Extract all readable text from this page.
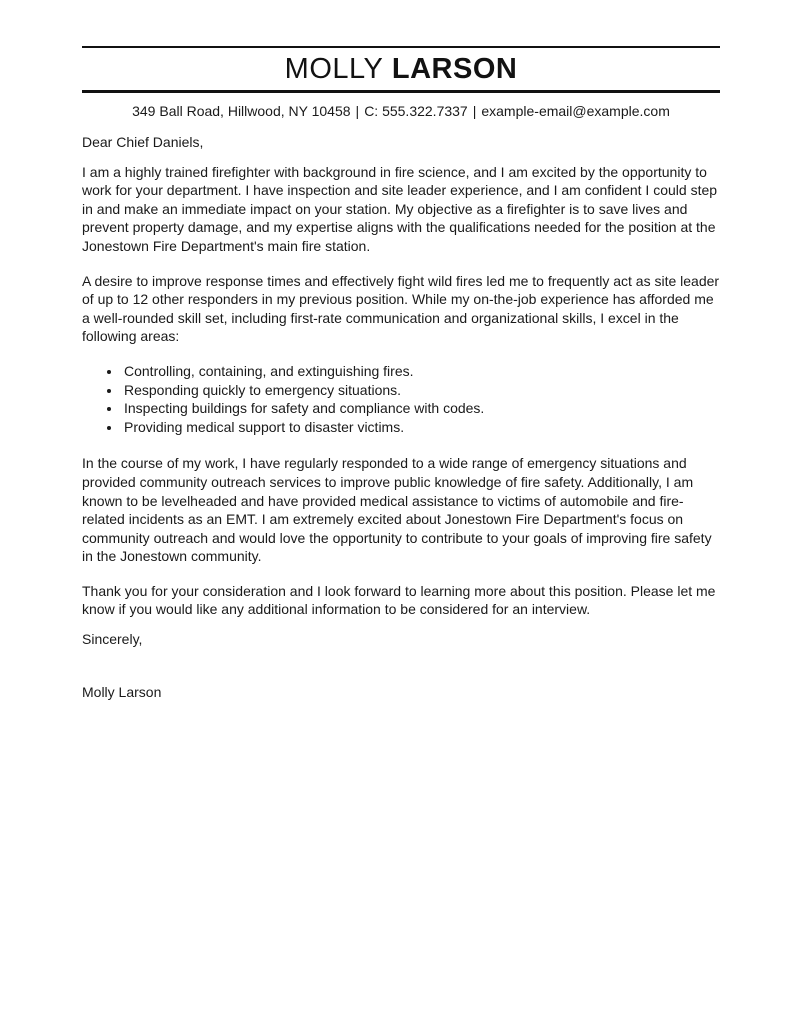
MOLLY LARSON
349 Ball Road, Hillwood, NY 10458 | C: 555.322.7337 | example-email@example.com

Dear Chief Daniels,

I am a highly trained firefighter with background in fire science, and I am excited by the opportunity to work for your department. I have inspection and site leader experience, and I am confident I could step in and make an immediate impact on your station. My objective as a firefighter is to save lives and prevent property damage, and my expertise aligns with the qualifications needed for the position at the Jonestown Fire Department's main fire station.

A desire to improve response times and effectively fight wild fires led me to frequently act as site leader of up to 12 other responders in my previous position. While my on-the-job experience has afforded me a well-rounded skill set, including first-rate communication and organizational skills, I excel in the following areas:

• Controlling, containing, and extinguishing fires.
• Responding quickly to emergency situations.
• Inspecting buildings for safety and compliance with codes.
• Providing medical support to disaster victims.

In the course of my work, I have regularly responded to a wide range of emergency situations and provided community outreach services to improve public knowledge of fire safety. Additionally, I am known to be levelheaded and have provided medical assistance to victims of automobile and fire-related incidents as an EMT. I am extremely excited about Jonestown Fire Department's focus on community outreach and would love the opportunity to contribute to your goals of improving fire safety in the Jonestown community.

Thank you for your consideration and I look forward to learning more about this position. Please let me know if you would like any additional information to be considered for an interview.

Sincerely,

Molly Larson
